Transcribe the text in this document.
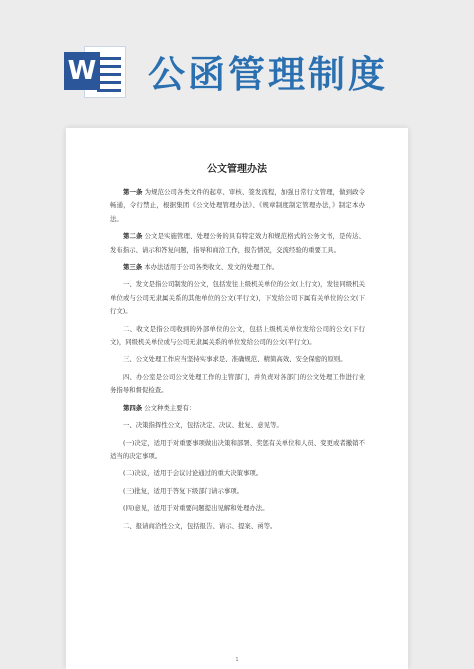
W 公函管理制度
公文管理办法

第一条 为规范公司各类文件的起草、审核、签发流程，加强日常行文管理，做到政令畅通，令行禁止，根据集团《公文处理管理办法》、《规章制度制定管理办法，》制定本办法。

第二条 公文是实施管理、处理公务的具有特定效力和规范格式的公务文书，是传达、发布指示、请示和答复问题，指导和商洽工作，报告情况，交流经验的重要工具。

第三条 本办法适用于公司各类收文、发文的处理工作。

一、发文是指公司制发的公文，包括发往上级机关单位的公文(上行文)，发往同级机关单位或与公司无隶属关系的其他单位的公文(平行文)，下发给公司下属有关单位的公文(下行文)。

二、收文是指公司收到的外部单位的公文，包括上级机关单位发给公司的公文(下行文)，同级机关单位或与公司无隶属关系的单位发给公司的公文(平行文)。

三、公文处理工作应当坚持实事求是、准确规范、精简高效、安全保密的原则。

四、办公室是公司公文处理工作的主管部门，并负责对各部门的公文处理工作进行业务指导和督促检查。

第四条 公文种类主要有：

一、决策指挥性公文，包括决定、决议、批复、意见等。

(一)决定，适用于对重要事项做出决策和部署、奖惩有关单位和人员、变更或者撤销不适当的决定事项。

(二)决议，适用于会议讨论通过的重大决策事项。

(三)批复，适用于答复下级部门请示事项。

(四)意见，适用于对重要问题提出见解和处理办法。

二、报请商洽性公文，包括报告、请示、提案、函等。

1
